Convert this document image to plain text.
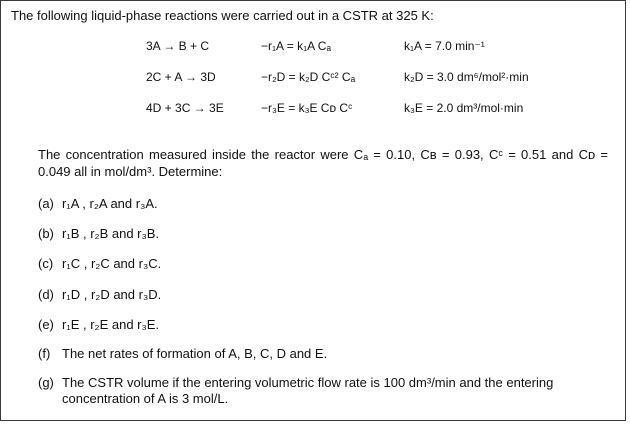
The following liquid-phase reactions were carried out in a CSTR at 325 K:
3A → B + C	−r₁A = k₁A Cₐ	k₁A = 7.0 min⁻¹
2C + A → 3D	−r₂D = k₂D Cᶜ² Cₐ	k₂D = 3.0 dm⁶/mol²·min
4D + 3C → 3E	−r₃E = k₃E Cᴅ Cᶜ	k₃E = 2.0 dm³/mol·min
The concentration measured inside the reactor were Cₐ = 0.10, Cʙ = 0.93, Cᶜ = 0.51 and Cᴅ = 0.049 all in mol/dm³. Determine:
(a) r₁A , r₂A and r₃A.
(b) r₁B , r₂B and r₃B.
(c) r₁C , r₂C and r₃C.
(d) r₁D , r₂D and r₃D.
(e) r₁E , r₂E and r₃E.
(f) The net rates of formation of A, B, C, D and E.
(g) The CSTR volume if the entering volumetric flow rate is 100 dm³/min and the entering concentration of A is 3 mol/L.
